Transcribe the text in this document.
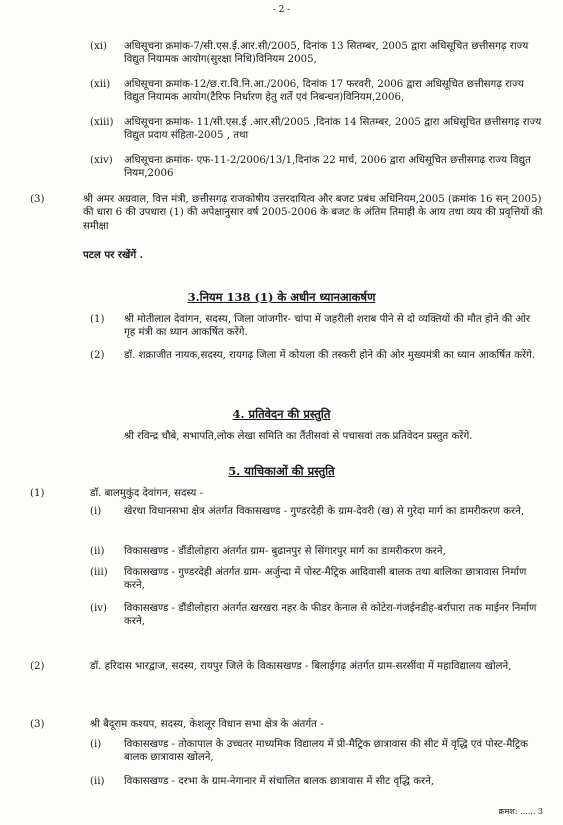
- 2 -
(xi) अधिसूचना क्रमांक-7/सी.एस.ई.आर.सी/2005, दिनांक 13 सितम्बर, 2005 द्वारा अधिसूचित छत्तीसगढ़ राज्य विद्युत नियामक आयोग(सुरक्षा निधि)विनियम 2005,
(xii) अधिसूचना क्रमांक-12/छ.रा.वि.नि.आ./2006, दिनांक 17 फरवरी, 2006 द्वारा अधिसूचित छत्तीसगढ़ राज्य विद्युत नियामक आयोग(टैरिफ निर्धारण हेतु शर्ते एवं निबन्धन)विनियम,2006,
(xiii) अधिसूचना क्रमांक- 11/सी.एस.ई .आर.सी/2005 ,दिनांक 14 सितम्बर, 2005 द्वारा अधिसूचित छत्तीसगढ़ राज्य विद्युत प्रदाय संहिता-2005 , तथा
(xiv) अधिसूचना क्रमांक- एफ-11-2/2006/13/1,दिनांक 22 मार्च, 2006 द्वारा अधिसूचित छत्तीसगढ़ राज्य विद्युत नियम,2006
(3)	श्री अमर अग्रवाल, वित्त मंत्री, छत्तीसगढ़ राजकोषीय उत्तरदायित्व और बजट प्रबंध अधिनियम,2005 (क्रमांक 16 सन् 2005) की धारा 6 की उपधारा (1) की अपेक्षानुसार वर्ष 2005-2006 के बजट के अंतिम तिमाही के आय तथा व्यय की प्रवृत्तियों की समीक्षा
पटल पर रखेंगें .
3.नियम 138 (1) के अधीन ध्यानआकर्षण
(1) श्री मोतीलाल देवांगन, सदस्य, जिला जांजगीर- चांपा में जहरीली शराब पीने से दो व्यक्तियों की मौत होने की ओर गृह मंत्री का ध्यान आकर्षित करेंगे.
(2) डॉ. शक्राजीत नायक,सदस्य, रायगढ़ जिला में कोयला की तस्करी होने की ओर मुख्यमंत्री का ध्यान आकर्षित करेंगे.
4. प्रतिवेदन की प्रस्तुति
श्री रविन्द्र चौबे, सभापति,लोक लेखा समिति का तैंतीसवां से पचासवां तक प्रतिवेदन प्रस्तुत करेंगे.
5. याचिकाओं की प्रस्तुति
(1)	डॉ. बालमुकुंद देवांगन, सदस्य -
(i) खेरथा विधानसभा क्षेत्र अंतर्गत विकासखण्ड - गुण्डरदेही के ग्राम-देवरी (ख) से गुरेदा मार्ग का डामरीकरण करने,
(ii) विकासखण्ड - डौंडीलोहारा अंतर्गत ग्राम- बुढानपुर से सिंगारपुर मार्ग का डामरीकरण करने,
(iii) विकासखण्ड - गुण्डरदेही अंतर्गत ग्राम- अर्जुन्दा में पोस्ट-मैट्रिक आदिवासी बालक तथा बालिका छात्रावास निर्माण करने,
(iv) विकासखण्ड - डौंडीलोहारा अंतर्गत खरखरा नहर के फीडर केनाल से कोटेरा-गंजईनडीह-बर्रापारा तक माईनर निर्माण करने,
(2)	डॉ. हरिदास भारद्वाज, सदस्य, रायपुर जिले के विकासखण्ड - बिलाईगढ़ अंतर्गत ग्राम-सरसींवा में महाविद्यालय खोलने,
(3)	श्री बैदूराम कश्यप, सदस्य, केशलूर विधान सभा क्षेत्र के अंतर्गत -
(i) विकासखण्ड - तोकापाल के उच्चतर माध्यमिक विद्यालय में प्री-मैट्रिक छात्रावास की सीट में वृद्धि एवं पोस्ट-मैट्रिक बालक छात्रावास खोलने,
(ii) विकासखण्ड - दरभा के ग्राम-नेगानार में संचालित बालक छात्रावास में सीट वृद्धि करने,
क्रमश: ...... 3
